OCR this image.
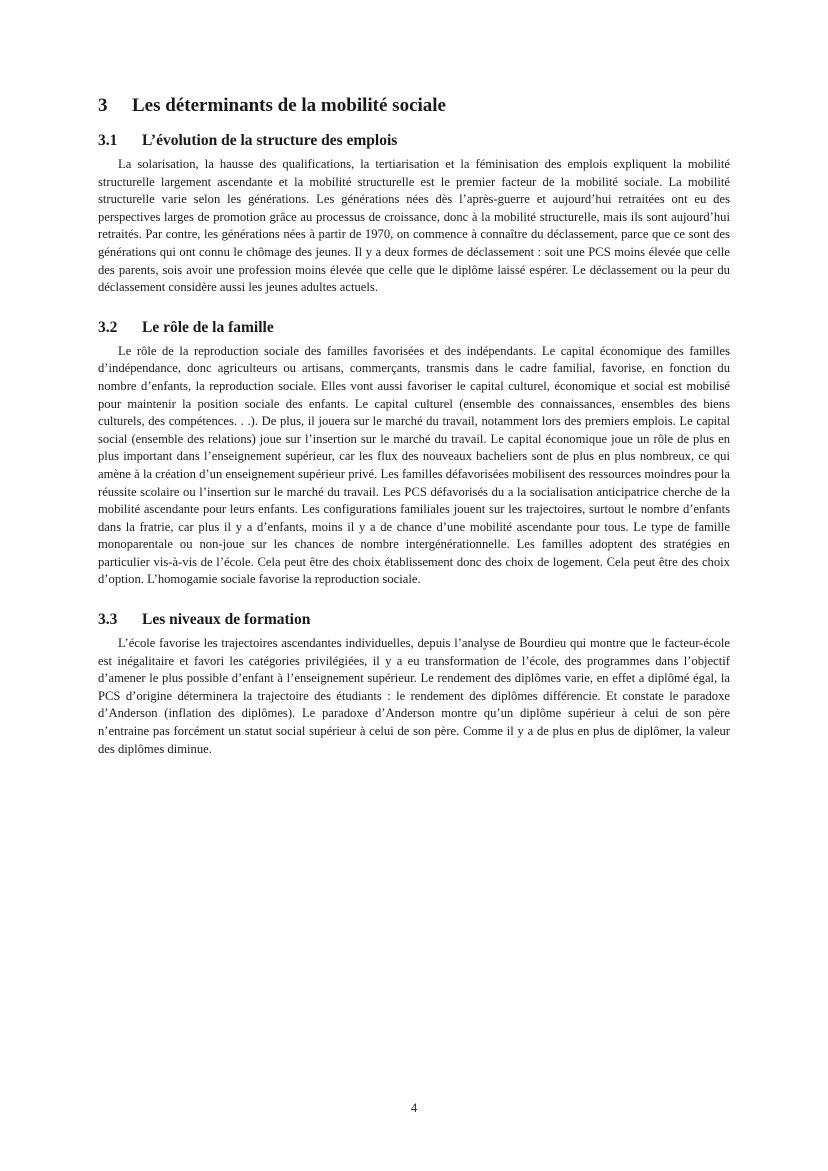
3 Les déterminants de la mobilité sociale
3.1 L’évolution de la structure des emplois

La solarisation, la hausse des qualifications, la tertiarisation et la féminisation des emplois expliquent la mobilité structurelle largement ascendante et la mobilité structurelle est le premier facteur de la mobilité sociale. La mobilité structurelle varie selon les générations. Les générations nées dès l’après-guerre et aujourd’hui retraitées ont eu des perspectives larges de promotion grâce au processus de croissance, donc à la mobilité structurelle, mais ils sont aujourd’hui retraités. Par contre, les générations nées à partir de 1970, on commence à connaître du déclassement, parce que ce sont des générations qui ont connu le chômage des jeunes. Il y a deux formes de déclassement : soit une PCS moins élevée que celle des parents, sois avoir une profession moins élevée que celle que le diplôme laissé espérer. Le déclassement ou la peur du déclassement considère aussi les jeunes adultes actuels.

3.2 Le rôle de la famille

Le rôle de la reproduction sociale des familles favorisées et des indépendants. Le capital économique des familles d’indépendance, donc agriculteurs ou artisans, commerçants, transmis dans le cadre familial, favorise, en fonction du nombre d’enfants, la reproduction sociale. Elles vont aussi favoriser le capital culturel, économique et social est mobilisé pour maintenir la position sociale des enfants. Le capital culturel (ensemble des connaissances, ensembles des biens culturels, des compétences. . .). De plus, il jouera sur le marché du travail, notamment lors des premiers emplois. Le capital social (ensemble des relations) joue sur l’insertion sur le marché du travail. Le capital économique joue un rôle de plus en plus important dans l’enseignement supérieur, car les flux des nouveaux bacheliers sont de plus en plus nombreux, ce qui amène à la création d’un enseignement supérieur privé. Les familles défavorisées mobilisent des ressources moindres pour la réussite scolaire ou l’insertion sur le marché du travail. Les PCS défavorisés du a la socialisation anticipatrice cherche de la mobilité ascendante pour leurs enfants. Les configurations familiales jouent sur les trajectoires, surtout le nombre d’enfants dans la fratrie, car plus il y a d’enfants, moins il y a de chance d’une mobilité ascendante pour tous. Le type de famille monoparentale ou non-joue sur les chances de nombre intergénérationnelle. Les familles adoptent des stratégies en particulier vis-à-vis de l’école. Cela peut être des choix établissement donc des choix de logement. Cela peut être des choix d’option. L’homogamie sociale favorise la reproduction sociale.

3.3 Les niveaux de formation

L’école favorise les trajectoires ascendantes individuelles, depuis l’analyse de Bourdieu qui montre que le facteur-école est inégalitaire et favori les catégories privilégiées, il y a eu transformation de l’école, des programmes dans l’objectif d’amener le plus possible d’enfant à l’enseignement supérieur. Le rendement des diplômes varie, en effet a diplômé égal, la PCS d’origine déterminera la trajectoire des étudiants : le rendement des diplômes différencie. Et constate le paradoxe d’Anderson (inflation des diplômes). Le paradoxe d’Anderson montre qu’un diplôme supérieur à celui de son père n’entraine pas forcément un statut social supérieur à celui de son père. Comme il y a de plus en plus de diplômer, la valeur des diplômes diminue.

4
